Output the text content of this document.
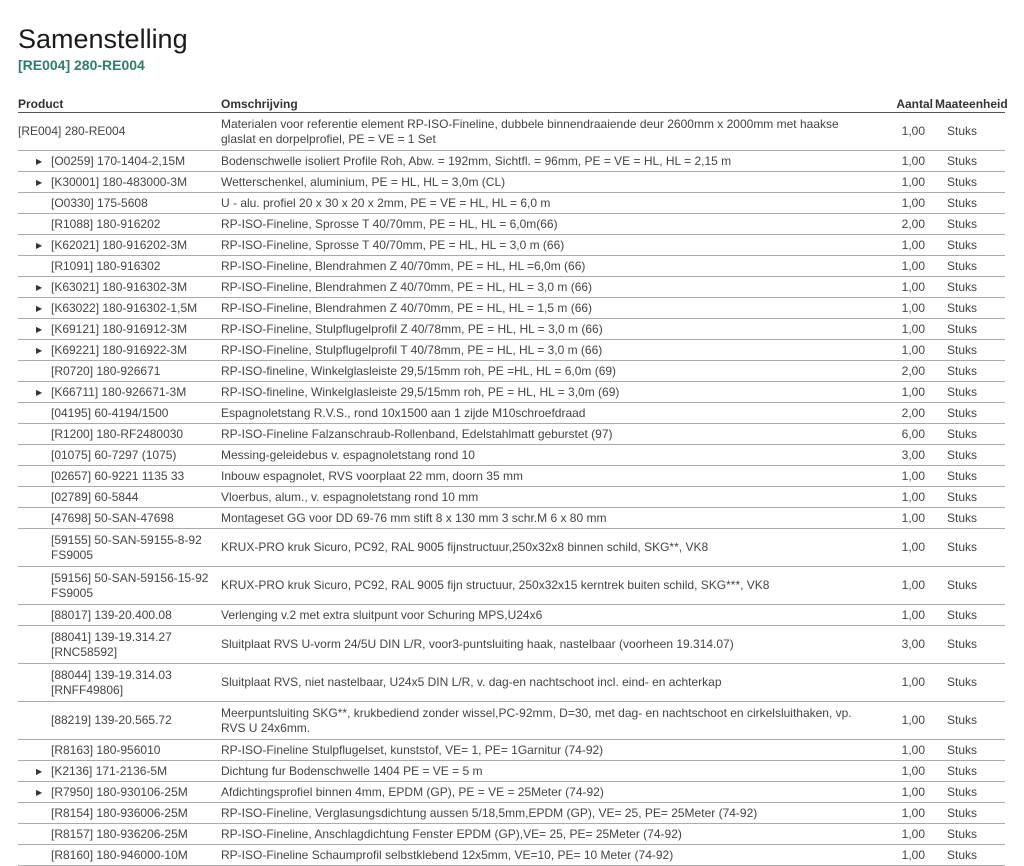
Samenstelling
[RE004] 280-RE004
Product	Omschrijving	Aantal	Maateenheid

[RE004] 280-RE004	Materialen voor referentie element RP-ISO-Fineline, dubbele binnendraaiende deur 2600mm x 2000mm met haakse glaslat en dorpelprofiel, PE = VE = 1 Set	1,00	Stuks

▶ [O0259] 170-1404-2,15M	Bodenschwelle isoliert Profile Roh, Abw. = 192mm, Sichtfl. = 96mm, PE = VE = HL, HL = 2,15 m	1,00	Stuks

▶ [K30001] 180-483000-3M	Wetterschenkel, aluminium, PE = HL, HL = 3,0m (CL)	1,00	Stuks

[O0330] 175-5608	U - alu. profiel 20 x 30 x 20 x 2mm, PE = VE = HL, HL = 6,0 m	1,00	Stuks

[R1088] 180-916202	RP-ISO-Fineline, Sprosse T 40/70mm, PE = HL, HL = 6,0m(66)	2,00	Stuks

▶ [K62021] 180-916202-3M	RP-ISO-Fineline, Sprosse T 40/70mm, PE = HL, HL = 3,0 m (66)	1,00	Stuks

[R1091] 180-916302	RP-ISO-Fineline, Blendrahmen Z 40/70mm, PE = HL, HL =6,0m (66)	1,00	Stuks

▶ [K63021] 180-916302-3M	RP-ISO-Fineline, Blendrahmen Z 40/70mm, PE = HL, HL = 3,0 m (66)	1,00	Stuks

▶ [K63022] 180-916302-1,5M	RP-ISO-Fineline, Blendrahmen Z 40/70mm, PE = HL, HL = 1,5 m (66)	1,00	Stuks

▶ [K69121] 180-916912-3M	RP-ISO-Fineline, Stulpflugelprofil Z 40/78mm, PE = HL, HL = 3,0 m (66)	1,00	Stuks

▶ [K69221] 180-916922-3M	RP-ISO-Fineline, Stulpflugelprofil T 40/78mm, PE = HL, HL = 3,0 m (66)	1,00	Stuks

[R0720] 180-926671	RP-ISO-fineline, Winkelglasleiste 29,5/15mm roh, PE =HL, HL = 6,0m (69)	2,00	Stuks

▶ [K66711] 180-926671-3M	RP-ISO-fineline, Winkelglasleiste 29,5/15mm roh, PE = HL, HL = 3,0m (69)	1,00	Stuks

[04195] 60-4194/1500	Espagnoletstang R.V.S., rond 10x1500 aan 1 zijde M10schroefdraad	2,00	Stuks

[R1200] 180-RF2480030	RP-ISO-Fineline Falzanschraub-Rollenband, Edelstahlmatt geburstet (97)	6,00	Stuks

[01075] 60-7297 (1075)	Messing-geleidebus v. espagnoletstang rond 10	3,00	Stuks

[02657] 60-9221 1135 33	Inbouw espagnolet, RVS voorplaat 22 mm, doorn 35 mm	1,00	Stuks

[02789] 60-5844	Vloerbus, alum., v. espagnoletstang rond 10 mm	1,00	Stuks

[47698] 50-SAN-47698	Montageset GG voor DD 69-76 mm stift 8 x 130 mm 3 schr.M 6 x 80 mm	1,00	Stuks

[59155] 50-SAN-59155-8-92 FS9005	KRUX-PRO kruk Sicuro, PC92, RAL 9005 fijnstructuur,250x32x8 binnen schild, SKG**, VK8	1,00	Stuks

[59156] 50-SAN-59156-15-92 FS9005	KRUX-PRO kruk Sicuro, PC92, RAL 9005 fijn structuur, 250x32x15 kerntrek buiten schild, SKG***, VK8	1,00	Stuks

[88017] 139-20.400.08	Verlenging v.2 met extra sluitpunt voor Schuring MPS,U24x6	1,00	Stuks

[88041] 139-19.314.27 [RNC58592]	Sluitplaat RVS U-vorm 24/5U DIN L/R, voor3-puntsluiting haak, nastelbaar (voorheen 19.314.07)	3,00	Stuks

[88044] 139-19.314.03 [RNFF49806]	Sluitplaat RVS, niet nastelbaar, U24x5 DIN L/R, v. dag-en nachtschoot incl. eind- en achterkap	1,00	Stuks

[88219] 139-20.565.72	Meerpuntsluiting SKG**, krukbediend zonder wissel,PC-92mm, D=30, met dag- en nachtschoot en cirkelsluithaken, vp. RVS U 24x6mm.	1,00	Stuks

[R8163] 180-956010	RP-ISO-Fineline Stulpflugelset, kunststof, VE= 1, PE= 1Garnitur (74-92)	1,00	Stuks

▶ [K2136] 171-2136-5M	Dichtung fur Bodenschwelle 1404 PE = VE = 5 m	1,00	Stuks

▶ [R7950] 180-930106-25M	Afdichtingsprofiel binnen 4mm, EPDM (GP), PE = VE = 25Meter (74-92)	1,00	Stuks

[R8154] 180-936006-25M	RP-ISO-Fineline, Verglasungsdichtung aussen 5/18,5mm,EPDM (GP), VE= 25, PE= 25Meter (74-92)	1,00	Stuks

[R8157] 180-936206-25M	RP-ISO-Fineline, Anschlagdichtung Fenster EPDM (GP),VE= 25, PE= 25Meter (74-92)	1,00	Stuks

[R8160] 180-946000-10M	RP-ISO-Fineline Schaumprofil selbstklebend 12x5mm, VE=10, PE= 10 Meter (74-92)	1,00	Stuks
